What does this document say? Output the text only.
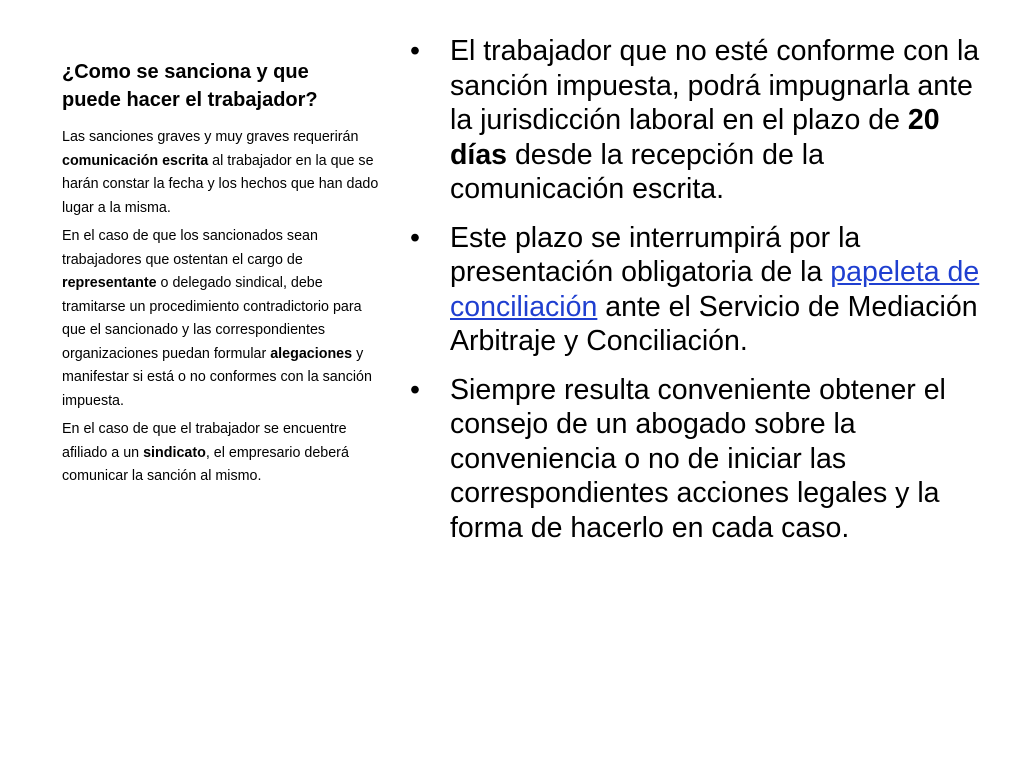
¿Como se sanciona y que puede hacer el trabajador?

Las sanciones graves y muy graves requerirán comunicación escrita al trabajador en la que se harán constar la fecha y los hechos que han dado lugar a la misma.

En el caso de que los sancionados sean trabajadores que ostentan el cargo de representante o delegado sindical, debe tramitarse un procedimiento contradictorio para que el sancionado y las correspondientes organizaciones puedan formular alegaciones y manifestar si está o no conformes con la sanción impuesta.

En el caso de que el trabajador se encuentre afiliado a un sindicato, el empresario deberá comunicar la sanción al mismo.

• El trabajador que no esté conforme con la sanción impuesta, podrá impugnarla ante la jurisdicción laboral en el plazo de 20 días desde la recepción de la comunicación escrita.
• Este plazo se interrumpirá por la presentación obligatoria de la papeleta de conciliación ante el Servicio de Mediación Arbitraje y Conciliación.
• Siempre resulta conveniente obtener el consejo de un abogado sobre la conveniencia o no de iniciar las correspondientes acciones legales y la forma de hacerlo en cada caso.
